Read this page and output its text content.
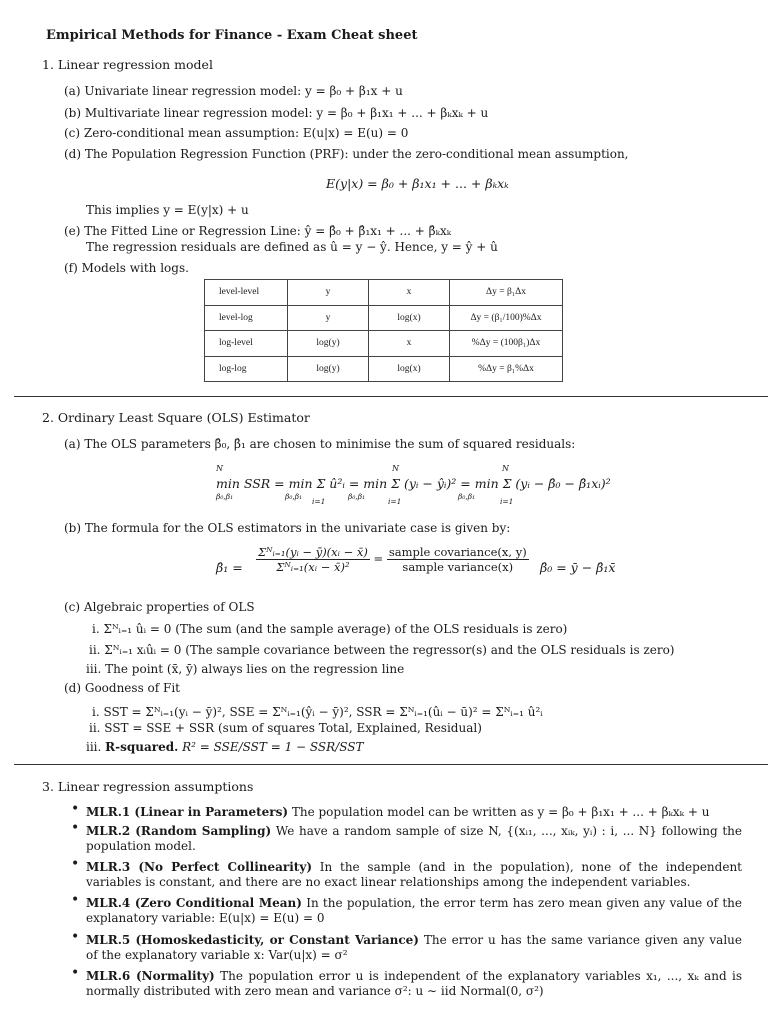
Empirical Methods for Finance - Exam Cheat sheet
1. Linear regression model
(a) Univariate linear regression model: y = β₀ + β₁x + u
(b) Multivariate linear regression model: y = β₀ + β₁x₁ + ... + βₖxₖ + u
(c) Zero-conditional mean assumption: E(u|x) = E(u) = 0
(d) The Population Regression Function (PRF): under the zero-conditional mean assumption,
E(y|x) = β₀ + β₁x₁ + ... + βₖxₖ
This implies y = E(y|x) + u
(e) The Fitted Line or Regression Line: ŷ = β̂₀ + β̂₁x₁ + ... + β̂ₖxₖ
The regression residuals are defined as û = y − ŷ. Hence, y = ŷ + û
(f) Models with logs.
level-level	y	x	Δy = β₁Δx
level-log	y	log(x)	Δy = (β₁/100)%Δx
log-level	log(y)	x	%Δy = (100β₁)Δx
log-log	log(y)	log(x)	%Δy = β₁%Δx
2. Ordinary Least Square (OLS) Estimator
(a) The OLS parameters β̂₀, β̂₁ are chosen to minimise the sum of squared residuals:
N	N	N
min SSR = min Σ û²ᵢ = min Σ (yᵢ − ŷᵢ)² = min Σ (yᵢ − β̂₀ − β̂₁xᵢ)²
β₀,β₁	β₀,β₁	β₀,β₁	β₀,β₁
i=1	i=1	i=1
(b) The formula for the OLS estimators in the univariate case is given by:
β̂₁ = $\frac{\text{Σᴺᵢ₌₁(yᵢ − ȳ)(xᵢ − x̄)}}{\text{Σᴺᵢ₌₁(xᵢ − x̄)²}} = \frac{\text{sample covariance(x, y)}}{\text{sample variance(x)}}$ β̂₀ = ȳ − β̂₁x̄
(c) Algebraic properties of OLS
i. Σᴺᵢ₌₁ ûᵢ = 0 (The sum (and the sample average) of the OLS residuals is zero)
ii. Σᴺᵢ₌₁ xᵢûᵢ = 0 (The sample covariance between the regressor(s) and the OLS residuals is zero)
iii. The point (x̄, ȳ) always lies on the regression line
(d) Goodness of Fit
i. SST = Σᴺᵢ₌₁(yᵢ − ȳ)², SSE = Σᴺᵢ₌₁(ŷᵢ − ȳ)², SSR = Σᴺᵢ₌₁(ûᵢ − ū)² = Σᴺᵢ₌₁ û²ᵢ
ii. SST = SSE + SSR (sum of squares Total, Explained, Residual)
iii. R-squared. R² = SSE/SST = 1 − SSR/SST
3. Linear regression assumptions
• MLR.1 (Linear in Parameters) The population model can be written as y = β₀ + β₁x₁ + ... + βₖxₖ + u
• MLR.2 (Random Sampling) We have a random sample of size N, {(xᵢ₁, ..., xᵢₖ, yᵢ) : i, ... N} following the population model.
• MLR.3 (No Perfect Collinearity) In the sample (and in the population), none of the independent variables is constant, and there are no exact linear relationships among the independent variables.
• MLR.4 (Zero Conditional Mean) In the population, the error term has zero mean given any value of the explanatory variable: E(u|x) = E(u) = 0
• MLR.5 (Homoskedasticity, or Constant Variance) The error u has the same variance given any value of the explanatory variable x: Var(u|x) = σ²
• MLR.6 (Normality) The population error u is independent of the explanatory variables x₁, ..., xₖ and is normally distributed with zero mean and variance σ²: u ∼ iid Normal(0, σ²)
